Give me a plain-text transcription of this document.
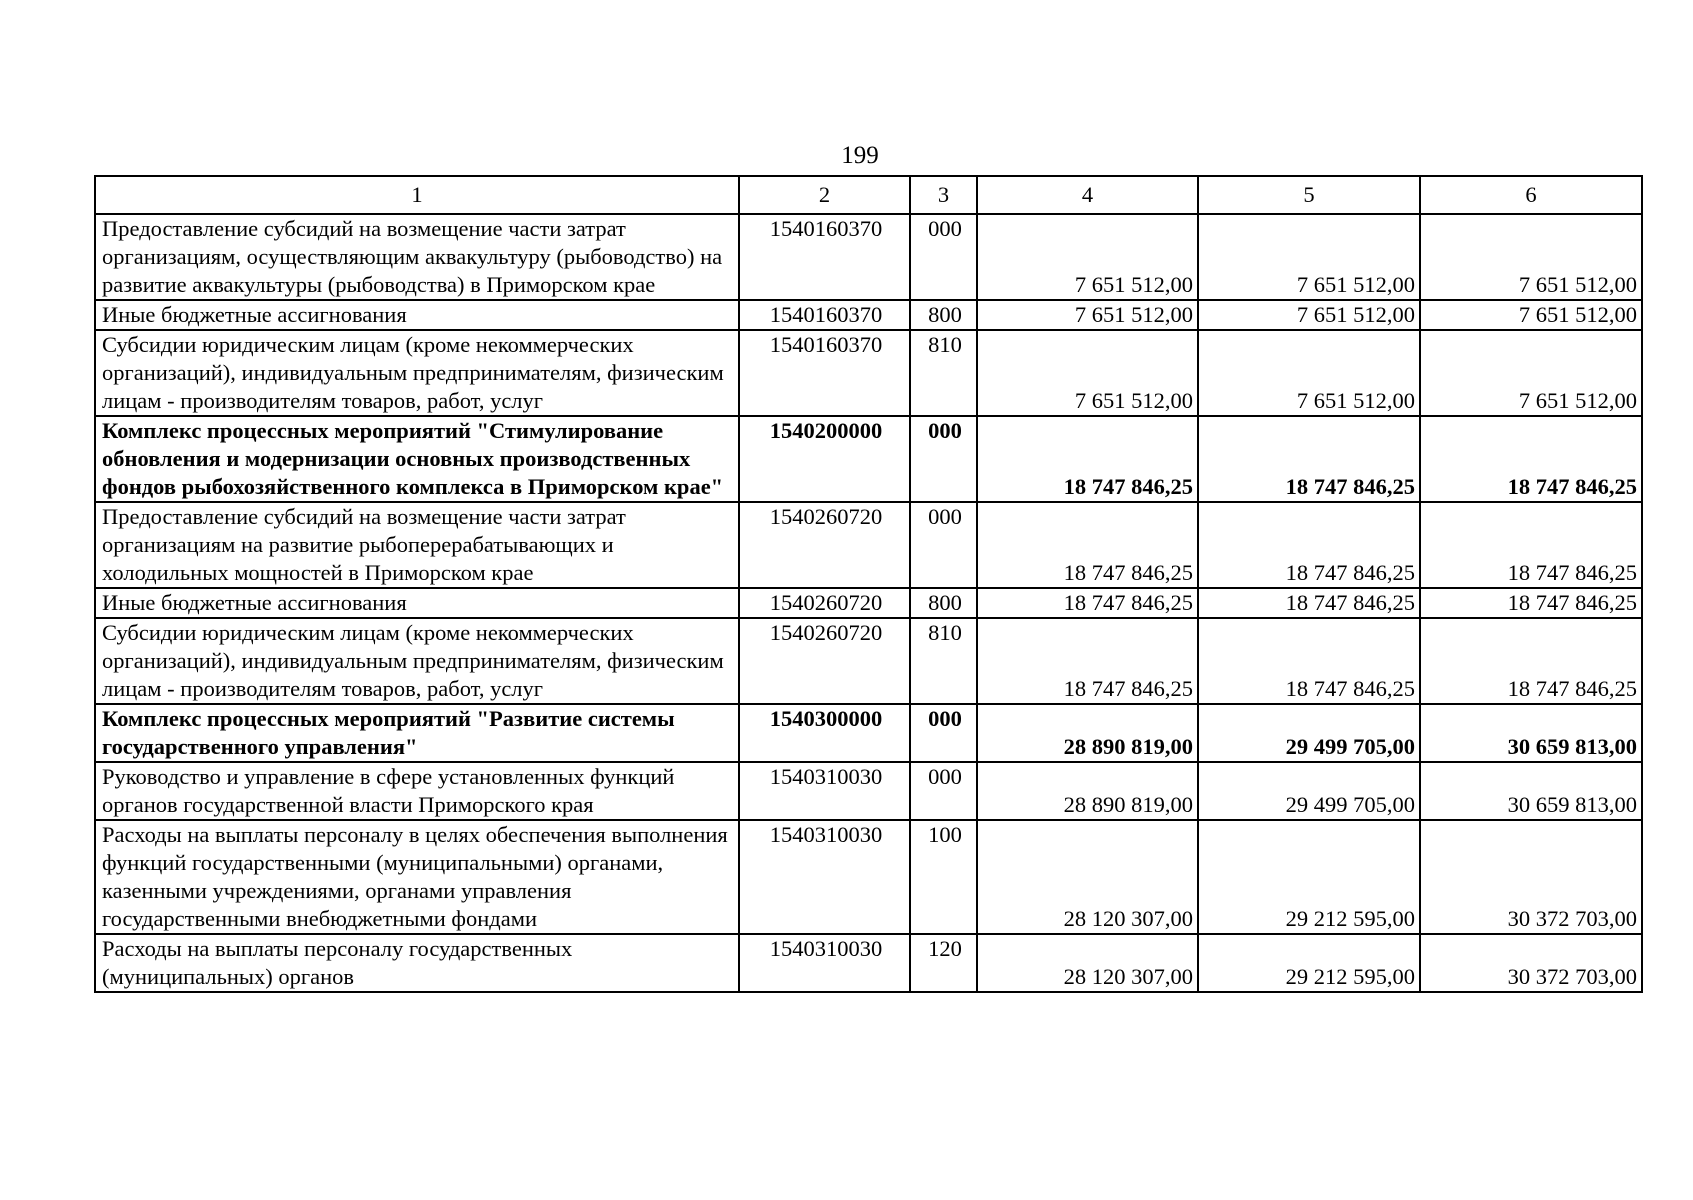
199
1	2	3	4	5	6
Предоставление субсидий на возмещение части затрат организациям, осуществляющим аквакультуру (рыбоводство) на развитие аквакультуры (рыбоводства) в Приморском крае	1540160370	000	7 651 512,00	7 651 512,00	7 651 512,00
Иные бюджетные ассигнования	1540160370	800	7 651 512,00	7 651 512,00	7 651 512,00
Субсидии юридическим лицам (кроме некоммерческих организаций), индивидуальным предпринимателям, физическим лицам - производителям товаров, работ, услуг	1540160370	810	7 651 512,00	7 651 512,00	7 651 512,00
Комплекс процессных мероприятий "Стимулирование обновления и модернизации основных производственных фондов рыбохозяйственного комплекса в Приморском крае"	1540200000	000	18 747 846,25	18 747 846,25	18 747 846,25
Предоставление субсидий на возмещение части затрат организациям на развитие рыбоперерабатывающих и холодильных мощностей в Приморском крае	1540260720	000	18 747 846,25	18 747 846,25	18 747 846,25
Иные бюджетные ассигнования	1540260720	800	18 747 846,25	18 747 846,25	18 747 846,25
Субсидии юридическим лицам (кроме некоммерческих организаций), индивидуальным предпринимателям, физическим лицам - производителям товаров, работ, услуг	1540260720	810	18 747 846,25	18 747 846,25	18 747 846,25
Комплекс процессных мероприятий "Развитие системы государственного управления"	1540300000	000	28 890 819,00	29 499 705,00	30 659 813,00
Руководство и управление в сфере установленных функций органов государственной власти Приморского края	1540310030	000	28 890 819,00	29 499 705,00	30 659 813,00
Расходы на выплаты персоналу в целях обеспечения выполнения функций государственными (муниципальными) органами, казенными учреждениями, органами управления государственными внебюджетными фондами	1540310030	100	28 120 307,00	29 212 595,00	30 372 703,00
Расходы на выплаты персоналу государственных (муниципальных) органов	1540310030	120	28 120 307,00	29 212 595,00	30 372 703,00
